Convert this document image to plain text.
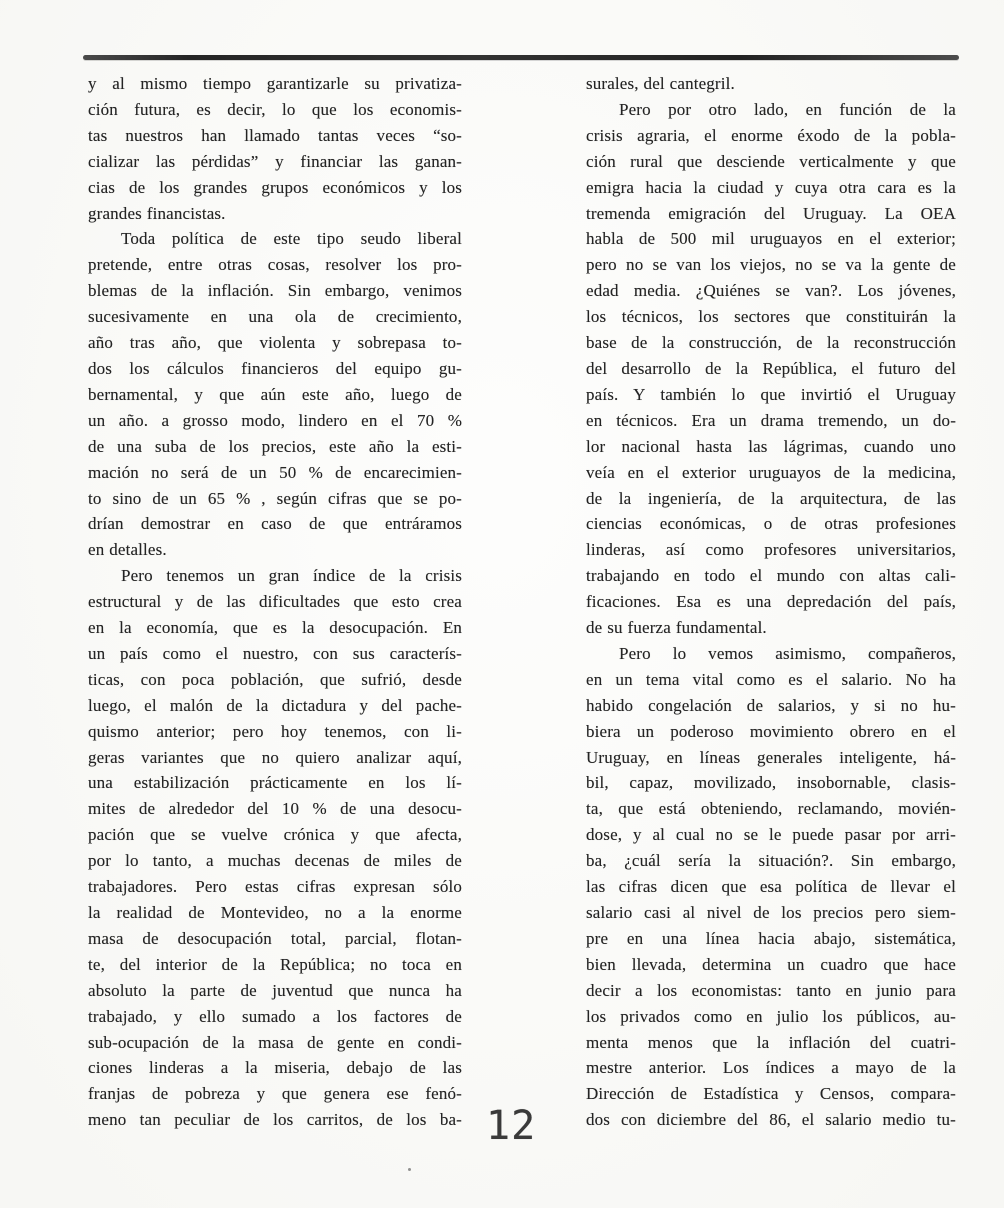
y al mismo tiempo garantizarle su privatiza-
ción futura, es decir, lo que los economis-
tas nuestros han llamado tantas veces “so-
cializar las pérdidas” y financiar las ganan-
cias de los grandes grupos económicos y los
grandes financistas.
Toda política de este tipo seudo liberal
pretende, entre otras cosas, resolver los pro-
blemas de la inflación. Sin embargo, venimos
sucesivamente en una ola de crecimiento,
año tras año, que violenta y sobrepasa to-
dos los cálculos financieros del equipo gu-
bernamental, y que aún este año, luego de
un año. a grosso modo, lindero en el 70 %
de una suba de los precios, este año la esti-
mación no será de un 50 % de encarecimien-
to sino de un 65 % , según cifras que se po-
drían demostrar en caso de que entráramos
en detalles.
Pero tenemos un gran índice de la crisis
estructural y de las dificultades que esto crea
en la economía, que es la desocupación. En
un país como el nuestro, con sus caracterís-
ticas, con poca población, que sufrió, desde
luego, el malón de la dictadura y del pache-
quismo anterior; pero hoy tenemos, con li-
geras variantes que no quiero analizar aquí,
una estabilización prácticamente en los lí-
mites de alrededor del 10 % de una desocu-
pación que se vuelve crónica y que afecta,
por lo tanto, a muchas decenas de miles de
trabajadores. Pero estas cifras expresan sólo
la realidad de Montevideo, no a la enorme
masa de desocupación total, parcial, flotan-
te, del interior de la República; no toca en
absoluto la parte de juventud que nunca ha
trabajado, y ello sumado a los factores de
sub-ocupación de la masa de gente en condi-
ciones linderas a la miseria, debajo de las
franjas de pobreza y que genera ese fenó-
meno tan peculiar de los carritos, de los ba-
surales, del cantegril.
Pero por otro lado, en función de la
crisis agraria, el enorme éxodo de la pobla-
ción rural que desciende verticalmente y que
emigra hacia la ciudad y cuya otra cara es la
tremenda emigración del Uruguay. La OEA
habla de 500 mil uruguayos en el exterior;
pero no se van los viejos, no se va la gente de
edad media. ¿Quiénes se van?. Los jóvenes,
los técnicos, los sectores que constituirán la
base de la construcción, de la reconstrucción
del desarrollo de la República, el futuro del
país. Y también lo que invirtió el Uruguay
en técnicos. Era un drama tremendo, un do-
lor nacional hasta las lágrimas, cuando uno
veía en el exterior uruguayos de la medicina,
de la ingeniería, de la arquitectura, de las
ciencias económicas, o de otras profesiones
linderas, así como profesores universitarios,
trabajando en todo el mundo con altas cali-
ficaciones. Esa es una depredación del país,
de su fuerza fundamental.
Pero lo vemos asimismo, compañeros,
en un tema vital como es el salario. No ha
habido congelación de salarios, y si no hu-
biera un poderoso movimiento obrero en el
Uruguay, en líneas generales inteligente, há-
bil, capaz, movilizado, insobornable, clasis-
ta, que está obteniendo, reclamando, movién-
dose, y al cual no se le puede pasar por arri-
ba, ¿cuál sería la situación?. Sin embargo,
las cifras dicen que esa política de llevar el
salario casi al nivel de los precios pero siem-
pre en una línea hacia abajo, sistemática,
bien llevada, determina un cuadro que hace
decir a los economistas: tanto en junio para
los privados como en julio los públicos, au-
menta menos que la inflación del cuatri-
mestre anterior. Los índices a mayo de la
Dirección de Estadística y Censos, compara-
dos con diciembre del 86, el salario medio tu-
12
